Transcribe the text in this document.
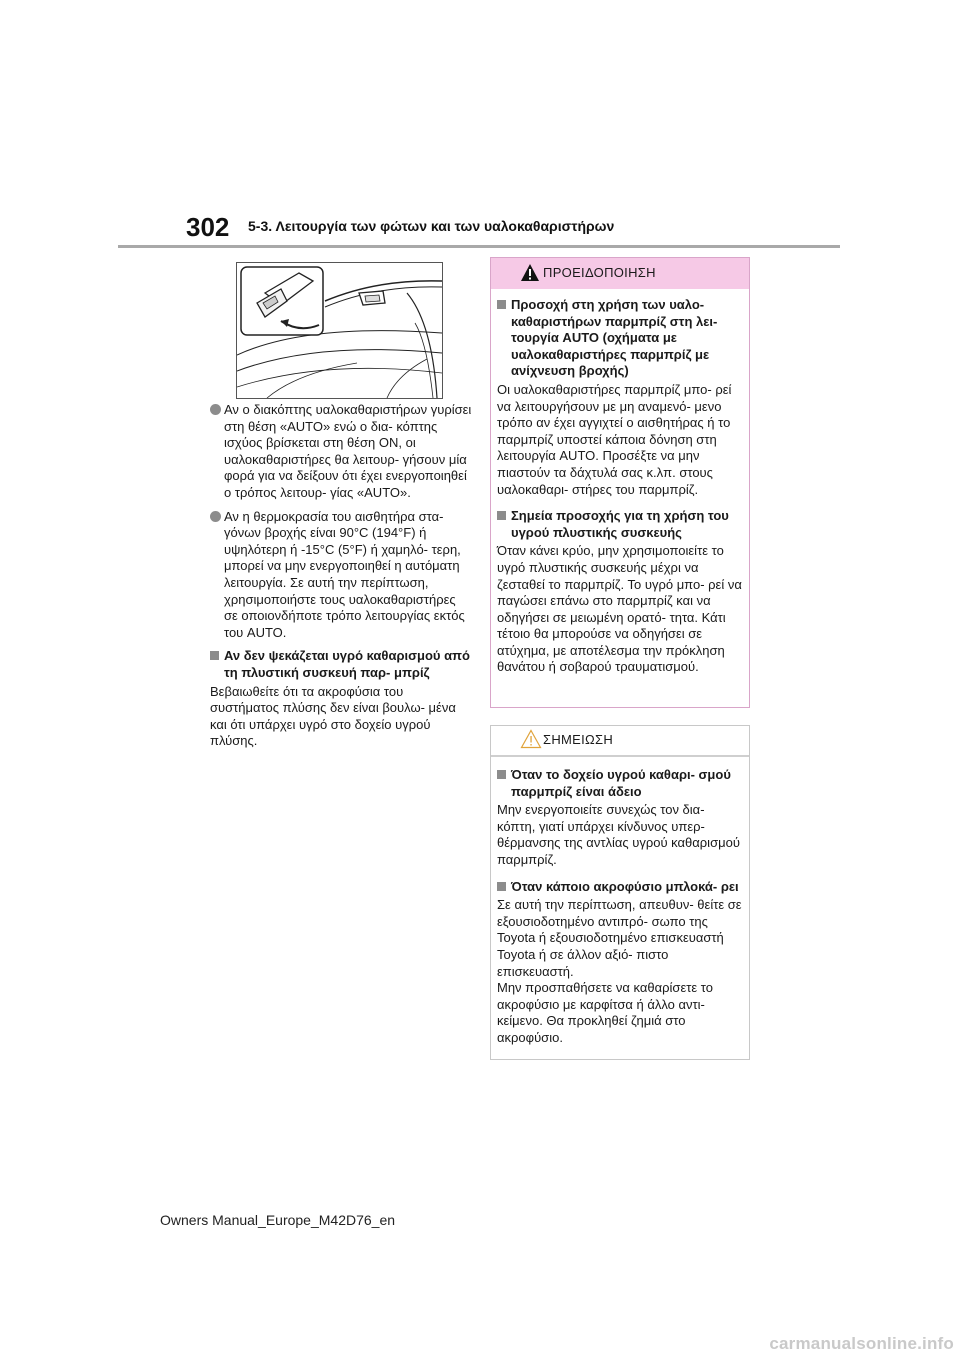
302 5-3. Λειτουργία των φώτων και των υαλοκαθαριστήρων
Αν ο διακόπτης υαλοκαθαριστήρων γυρίσει στη θέση «AUTO» ενώ ο δια- κόπτης ισχύος βρίσκεται στη θέση ON, οι υαλοκαθαριστήρες θα λειτουρ- γήσουν μία φορά για να δείξουν ότι έχει ενεργοποιηθεί ο τρόπος λειτουρ- γίας «AUTO».
Αν η θερμοκρασία του αισθητήρα στα- γόνων βροχής είναι 90°C (194°F) ή υψηλότερη ή -15°C (5°F) ή χαμηλό- τερη, μπορεί να μην ενεργοποιηθεί η αυτόματη λειτουργία. Σε αυτή την περίπτωση, χρησιμοποιήστε τους υαλοκαθαριστήρες σε οποιονδήποτε τρόπο λειτουργίας εκτός του AUTO.
Αν δεν ψεκάζεται υγρό καθαρισμού από τη πλυστική συσκευή παρ- μπρίζ
Βεβαιωθείτε ότι τα ακροφύσια του συστήματος πλύσης δεν είναι βουλω- μένα και ότι υπάρχει υγρό στο δοχείο υγρού πλύσης.
ΠΡΟΕΙΔΟΠΟΙΗΣΗ
Προσοχή στη χρήση των υαλο- καθαριστήρων παρμπρίζ στη λει- τουργία AUTO (οχήματα με υαλοκαθαριστήρες παρμπρίζ με ανίχνευση βροχής)
Οι υαλοκαθαριστήρες παρμπρίζ μπο- ρεί να λειτουργήσουν με μη αναμενό- μενο τρόπο αν έχει αγγιχτεί ο αισθητήρας ή το παρμπρίζ υποστεί κάποια δόνηση στη λειτουργία AUTO. Προσέξτε να μην πιαστούν τα δάχτυλά σας κ.λπ. στους υαλοκαθαρι- στήρες του παρμπρίζ.
Σημεία προσοχής για τη χρήση του υγρού πλυστικής συσκευής
Όταν κάνει κρύο, μην χρησιμοποιείτε το υγρό πλυστικής συσκευής μέχρι να ζεσταθεί το παρμπρίζ. Το υγρό μπο- ρεί να παγώσει επάνω στο παρμπρίζ και να οδηγήσει σε μειωμένη ορατό- τητα. Κάτι τέτοιο θα μπορούσε να οδηγήσει σε ατύχημα, με αποτέλεσμα την πρόκληση θανάτου ή σοβαρού τραυματισμού.
ΣΗΜΕΙΩΣΗ
Όταν το δοχείο υγρού καθαρι- σμού παρμπρίζ είναι άδειο
Μην ενεργοποιείτε συνεχώς τον δια- κόπτη, γιατί υπάρχει κίνδυνος υπερ- θέρμανσης της αντλίας υγρού καθαρισμού παρμπρίζ.
Όταν κάποιο ακροφύσιο μπλοκά- ρει
Σε αυτή την περίπτωση, απευθυν- θείτε σε εξουσιοδοτημένο αντιπρό- σωπο της Toyota ή εξουσιοδοτημένο επισκευαστή Toyota ή σε άλλον αξιό- πιστο επισκευαστή.
Μην προσπαθήσετε να καθαρίσετε το ακροφύσιο με καρφίτσα ή άλλο αντι- κείμενο. Θα προκληθεί ζημιά στο ακροφύσιο.
Owners Manual_Europe_M42D76_en
carmanualsonline.info
